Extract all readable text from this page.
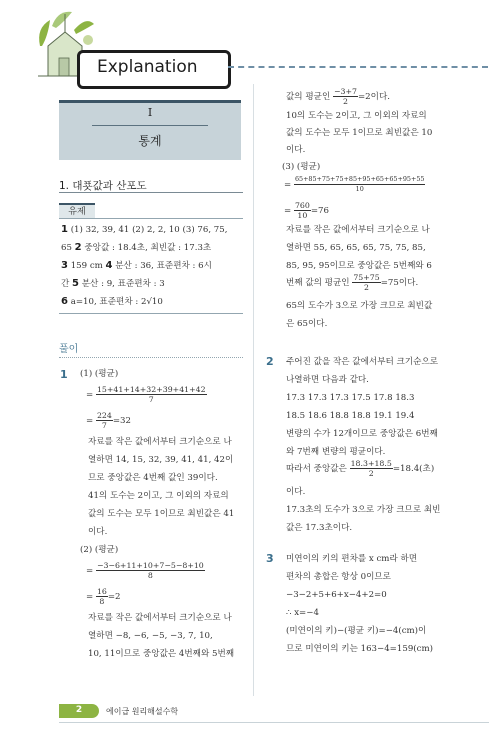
Explanation
I
통계
1. 대푯값과 산포도
유제
1 (1) 32, 39, 41 (2) 2, 2, 10 (3) 76, 75,
65 2 중앙값 : 18.4초, 최빈값 : 17.3초
3 159 cm 4 분산 : 36, 표준편차 : 6시
간 5 분산 : 9, 표준편차 : 3
6 a=10, 표준편차 : 2√10
풀이
1 (1) (평균)
= $\frac{15+41+14+32+39+41+42}{7}$
= $\frac{224}{7} =32$
자료를 작은 값에서부터 크기순으로 나
열하면 14, 15, 32, 39, 41, 41, 42이
므로 중앙값은 4번째 값인 39이다.
41의 도수는 2이고, 그 이외의 자료의
값의 도수는 모두 1이므로 최빈값은 41
이다.
(2) (평균)
= $\frac{-3-6+11+10+7-5-8+10}{8}$
= $\frac{16}{8} =2$
자료를 작은 값에서부터 크기순으로 나
열하면 −8, −6, −5, −3, 7, 10,
10, 11이므로 중앙값은 4번째와 5번째
값의 평균인 $\frac{-3+7}{2} =2$이다.
10의 도수는 2이고, 그 이외의 자료의
값의 도수는 모두 1이므로 최빈값은 10
이다.
(3) (평균)
= $\frac{65+85+75+75+85+95+65+65+95+55}{10}$
= $\frac{760}{10} =76$
자료를 작은 값에서부터 크기순으로 나
열하면 55, 65, 65, 65, 75, 75, 85,
85, 95, 95이므로 중앙값은 5번째와 6
번째 값의 평균인 $\frac{75+75}{2} =75$이다.
65의 도수가 3으로 가장 크므로 최빈값
은 65이다.
2 주어진 값을 작은 값에서부터 크기순으로
나열하면 다음과 같다.
17.3 17.3 17.3 17.5 17.8 18.3
18.5 18.6 18.8 18.8 19.1 19.4
변량의 수가 12개이므로 중앙값은 6번째
와 7번째 변량의 평균이다.
따라서 중앙값은 $\frac{18.3+18.5}{2} =18.4$(초)
이다.
17.3초의 도수가 3으로 가장 크므로 최빈
값은 17.3초이다.
3 미연이의 키의 편차를 x cm라 하면
편차의 총합은 항상 0이므로
−3−2+5+6+x−4+2=0
∴ x=−4
(미연이의 키)−(평균 키)=−4(cm)이
므로 미연이의 키는 163−4=159(cm)
2	에이급 원리해설수학
